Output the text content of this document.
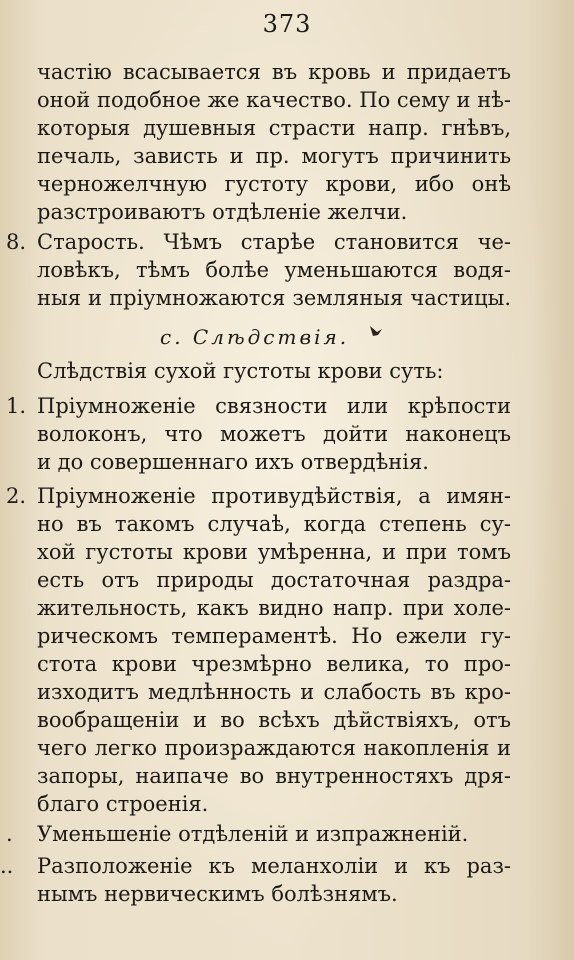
373
частію всасывается въ кровь и придаетъ
оной подобное же качество. По сему и нѣ-
которыя душевныя страсти напр. гнѣвъ,
печаль, зависть и пр. могутъ причинить
черножелчную густоту крови, ибо онѣ
разстроиваютъ отдѣленіе желчи.
8. Старость. Чѣмъ старѣе становится че-
ловѣкъ, тѣмъ болѣе уменьшаются водя-
ныя и пріумножаются земляныя частицы.
с. Слѣдствія.
Слѣдствія сухой густоты крови суть:
1. Пріумноженіе связности или крѣпости
волоконъ, что можетъ дойти наконецъ
и до совершеннаго ихъ отвердѣнія.
2. Пріумноженіе противудѣйствія, а имян-
но въ такомъ случаѣ, когда степень су-
хой густоты крови умѣренна, и при томъ
есть отъ природы достаточная раздра-
жительность, какъ видно напр. при холе-
рическомъ темпераментѣ. Но ежели гу-
стота крови чрезмѣрно велика, то про-
изходитъ медлѣнность и слабость въ кро-
вообращеніи и во всѣхъ дѣйствіяхъ, отъ
чего легко произраждаются накопленія и
запоры, наипаче во внутренностяхъ дря-
благо строенія.
. Уменьшеніе отдѣленій и изпражненій.
.. Разположеніе къ меланхоліи и къ раз-
нымъ нервическимъ болѣзнямъ.
